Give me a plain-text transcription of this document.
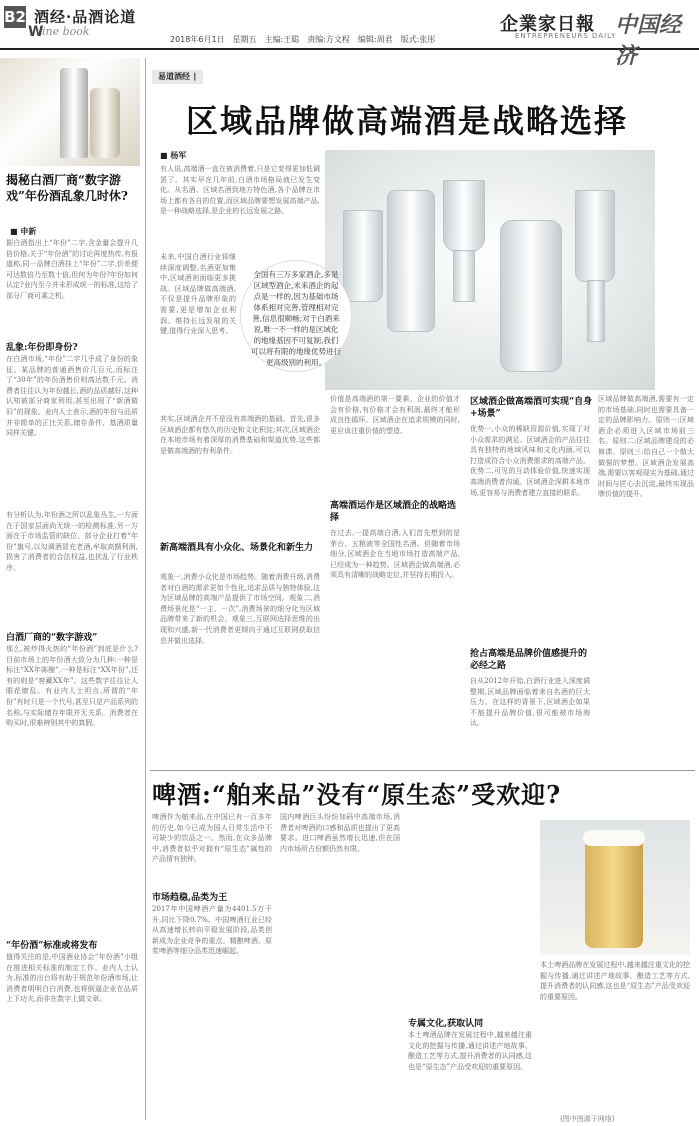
B2 酒经·品酒论道
W
ine book
2018年6月1日　星期五　主编:王聪　责编:方文程　编辑:周君　版式:张彤
企業家日報
ENTREPRENEURS DAILY
中国经济
揭秘白酒厂商“数字游戏”年份酒乱象几时休?
■ 申新
据白酒指出上“年份”二字,含金量会提升几倍价格,关于“年份酒”的讨论再度热传,有报道称,同一品牌白酒挂上“年份”二字,价差便可达数倍乃至数十倍,但何为年份?年份如何认定?业内至今并未形成统一的标准,这给了部分厂商可乘之机。
乱象:年份即身份?
在白酒市场,“年份”二字几乎成了身份的象征。某品牌的普通酒售价几百元,而标注了“30年”的年份酒售价则高达数千元。消费者往往认为年份越长,酒的品质越好,这种认知被部分商家利用,甚至出现了“新酒做旧”的现象。业内人士表示,酒的年份与品质并非简单的正比关系,储存条件、基酒质量同样关键。
白酒厂商的“数字游戏”
有分析认为,年份酒之所以乱象丛生,一方面在于国家层面尚无统一的检测标准,另一方面在于市场监管的缺位。部分企业打着“年份”旗号,以勾调酒冒充老酒,牟取高额利润,损害了消费者的合法权益,也扰乱了行业秩序。
那么,被炒得火热的“年份酒”到底是什么?目前市场上的年份酒大致分为几种:一种是标注“XX年陈酿”,一种是标注“XX年份”,还有的则是“窖藏XX年”。这些数字往往让人眼花缭乱。有业内人士坦言,所谓的“年份”有时只是一个代号,甚至只是产品系列的名称,与实际储存年限并无关系。消费者在购买时,很难辨别其中的真假。
“年份酒”标准或将发布
值得关注的是,中国酒业协会“年份酒”小组在推进相关标准的制定工作。业内人士认为,标准的出台将有助于规范年份酒市场,让消费者明明白白消费,也将倒逼企业在品质上下功夫,而非在数字上做文章。
易道酒经 ∣
区域品牌做高端酒是战略选择
■ 杨军
有人说,高端酒一直在被消费着,只是它变得更加低调罢了。其实早在几年前,白酒市场格局就已发生变化。从名酒、区域名酒到地方特色酒,各个品牌在市场上都有各自的位置,而区域品牌要想发展高端产品,是一种战略选择,是企业的长远发展之路。
未来,中国白酒行业将继续深度调整,名酒更加集中,区域酒则面临更多挑战。区域品牌做高端酒,不仅是提升品牌形象的需要,更是增加企业利润、维持长远发展的关键,值得行业深入思考。
全国有三万多家酒企,多是区域型酒企,未来酒企的起点是一样的,因为基础市场体系相对完善,管理相对完善,信息很顺畅;对于白酒来说,唯一不一样的是区域化的地缘基因不可复制,我们可以将有限的地缘优势进行更高级别的利用。
其实,区域酒企并不是没有高端酒的基础。首先,很多区域酒企都有悠久的历史和文化积淀;其次,区域酒企在本地市场有着深厚的消费基础和渠道优势,这些都是做高端酒的有利条件。
新高端酒具有小众化、场景化和新生力
观象一,消费小众化是市场趋势。随着消费升级,消费者对白酒的需求更加个性化,追求品质与独特体验,这为区域品牌的高端产品提供了市场空间。观象二,消费场景化是“一主、一次”,消费场景的细分化为区域品牌带来了新的机会。观象三,互联网选择思维的出现和兴盛,新一代消费者更倾向于通过互联网获取信息并做出选择。
价值是高端酒的第一要素。企业的价值才会有价格,有价格才会有利润,最终才能形成良性循环。区域酒企在追求规模的同时,更应该注重价值的塑造。
高端酒运作是区域酒企的战略选择
在过去,一提高端白酒,人们首先想到的是茅台、五粮液等全国性名酒。但随着市场细分,区域酒企在当地市场打造高端产品,已经成为一种趋势。区域酒企做高端酒,必须具有清晰的战略定位,并坚持长期投入。
区域酒企做高端酒可实现“自身+场景”
优势一,小众的稀缺资源价值,实现了对小众需求的满足。区域酒企的产品往往具有独特的地域风味和文化内涵,可以打造成符合小众消费需求的高端产品。优势二,可见的互动体验价值,快速实现高端消费者沟通。区域酒企深耕本地市场,更容易与消费者建立直接的联系。
抢占高端是品牌价值感提升的必经之路
自从2012年开始,白酒行业进入深度调整期,区域品牌面临着来自名酒的巨大压力。在这样的背景下,区域酒企如果不能提升品牌价值,很可能被市场淘汰。
区域品牌做高端酒,需要有一定的市场基础,同时也需要具备一定的品牌影响力。原则一:区域酒企必须进入区域市场前三名。原则二:区域品牌建设的必修课。原则三:给自己一个做大做强的梦想。区域酒企发展高端,需要以客观现实为基础,通过时间与匠心去沉淀,最终实现品牌价值的提升。
啤酒:“舶来品”没有“原生态”受欢迎?
啤酒作为舶来品,在中国已有一百多年的历史,如今已成为国人日常生活中不可缺少的饮品之一。然而,在众多品牌中,消费者似乎对拥有“原生态”属性的产品情有独钟。
市场趋稳,品类为王
2017年中国啤酒产量为4401.5万千升,同比下降0.7%。中国啤酒行业已经从高速增长转向平稳发展阶段,品类创新成为企业竞争的重点。精酿啤酒、原浆啤酒等细分品类迅速崛起。
国内啤酒巨头纷纷加码中高端市场,消费者对啤酒的口感和品质也提出了更高要求。进口啤酒虽然增长迅速,但在国内市场所占份额仍然有限。
专属文化,获取认同
本土啤酒品牌在发展过程中,越来越注重文化的挖掘与传播,通过讲述产地故事、酿造工艺等方式,提升消费者的认同感,这也是“原生态”产品受欢迎的重要原因。
本土啤酒品牌在发展过程中,越来越注重文化的挖掘与传播,通过讲述产地故事、酿造工艺等方式,提升消费者的认同感,这也是“原生态”产品受欢迎的重要原因。
(图中图源于网络)
